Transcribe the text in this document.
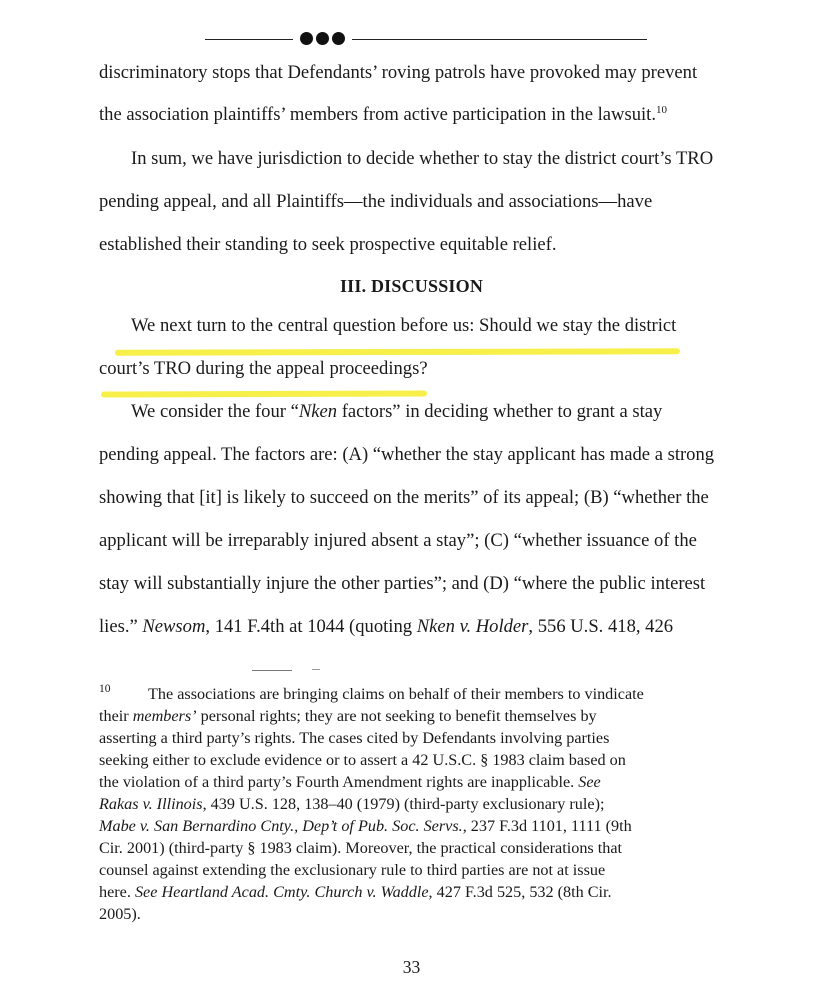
discriminatory stops that Defendants’ roving patrols have provoked may prevent
the association plaintiffs’ members from active participation in the lawsuit.$^{10}$
In sum, we have jurisdiction to decide whether to stay the district court’s TRO
pending appeal, and all Plaintiffs—the individuals and associations—have
established their standing to seek prospective equitable relief.
III. DISCUSSION
We next turn to the central question before us: Should we stay the district
court’s TRO during the appeal proceedings?
We consider the four “Nken factors” in deciding whether to grant a stay
pending appeal. The factors are: (A) “whether the stay applicant has made a strong
showing that [it] is likely to succeed on the merits” of its appeal; (B) “whether the
applicant will be irreparably injured absent a stay”; (C) “whether issuance of the
stay will substantially injure the other parties”; and (D) “where the public interest
lies.” Newsom, 141 F.4th at 1044 (quoting Nken v. Holder, 556 U.S. 418, 426
10 The associations are bringing claims on behalf of their members to vindicate
their members’ personal rights; they are not seeking to benefit themselves by
asserting a third party’s rights. The cases cited by Defendants involving parties
seeking either to exclude evidence or to assert a 42 U.S.C. § 1983 claim based on
the violation of a third party’s Fourth Amendment rights are inapplicable. See
Rakas v. Illinois, 439 U.S. 128, 138–40 (1979) (third-party exclusionary rule);
Mabe v. San Bernardino Cnty., Dep’t of Pub. Soc. Servs., 237 F.3d 1101, 1111 (9th
Cir. 2001) (third-party § 1983 claim). Moreover, the practical considerations that
counsel against extending the exclusionary rule to third parties are not at issue
here. See Heartland Acad. Cmty. Church v. Waddle, 427 F.3d 525, 532 (8th Cir.
2005).
33
